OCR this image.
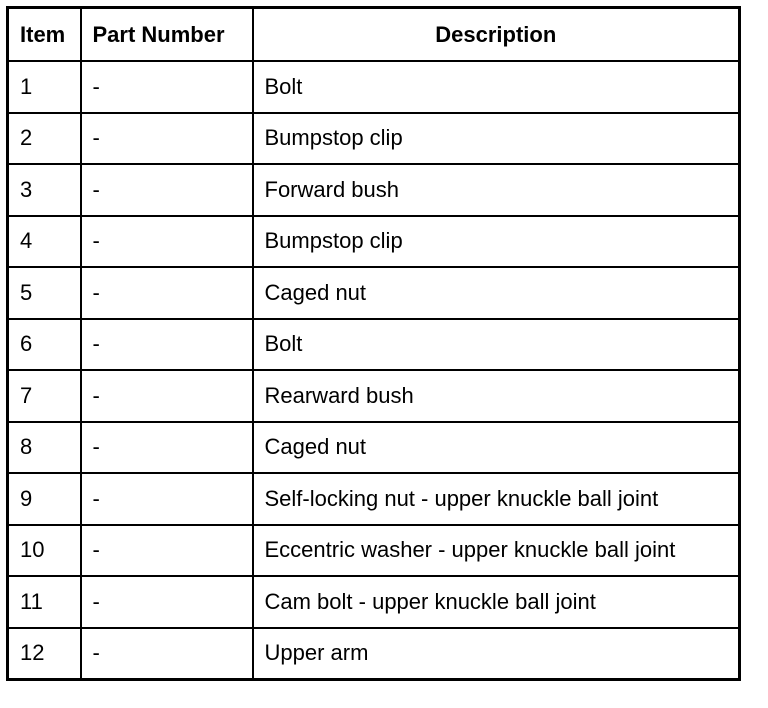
Item	Part Number	Description
1	-	Bolt
2	-	Bumpstop clip
3	-	Forward bush
4	-	Bumpstop clip
5	-	Caged nut
6	-	Bolt
7	-	Rearward bush
8	-	Caged nut
9	-	Self-locking nut - upper knuckle ball joint
10	-	Eccentric washer - upper knuckle ball joint
11	-	Cam bolt - upper knuckle ball joint
12	-	Upper arm
